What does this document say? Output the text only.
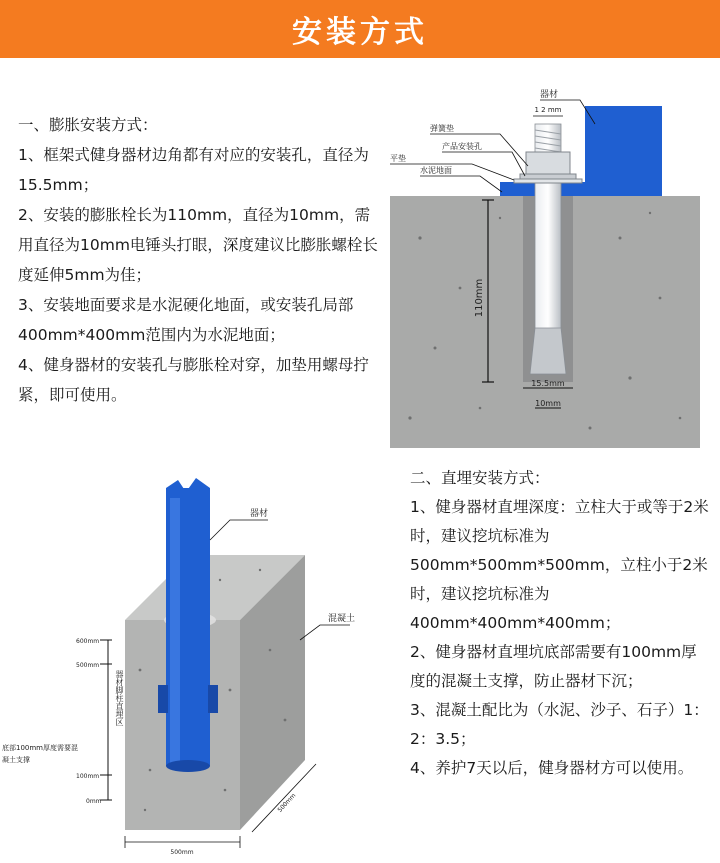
安装方式

一、膨胀安装方式：

1、框架式健身器材边角都有对应的安装孔，直径为15.5mm；

2、安装的膨胀栓长为110mm，直径为10mm，需用直径为10mm电锤头打眼，深度建议比膨胀螺栓长度延伸5mm为佳；

3、安装地面要求是水泥硬化地面，或安装孔局部400mm*400mm范围内为水泥地面；

4、健身器材的安装孔与膨胀栓对穿，加垫用螺母拧紧，即可使用。

110mm
15.5mm
10mm
1 2 mm
器材
弹簧垫
产品安装孔
平垫
水泥地面
器材
混凝土
600mm
500mm
100mm
0mm
器材脚柱直埋区
底部100mm厚度需要混凝土支撑
500mm
500mm

二、直埋安装方式：

1、健身器材直埋深度：立柱大于或等于2米时，建议挖坑标准为500mm*500mm*500mm，立柱小于2米时，建议挖坑标准为400mm*400mm*400mm；

2、健身器材直埋坑底部需要有100mm厚度的混凝土支撑，防止器材下沉；

3、混凝土配比为（水泥、沙子、石子）1：2：3.5；

4、养护7天以后，健身器材方可以使用。
